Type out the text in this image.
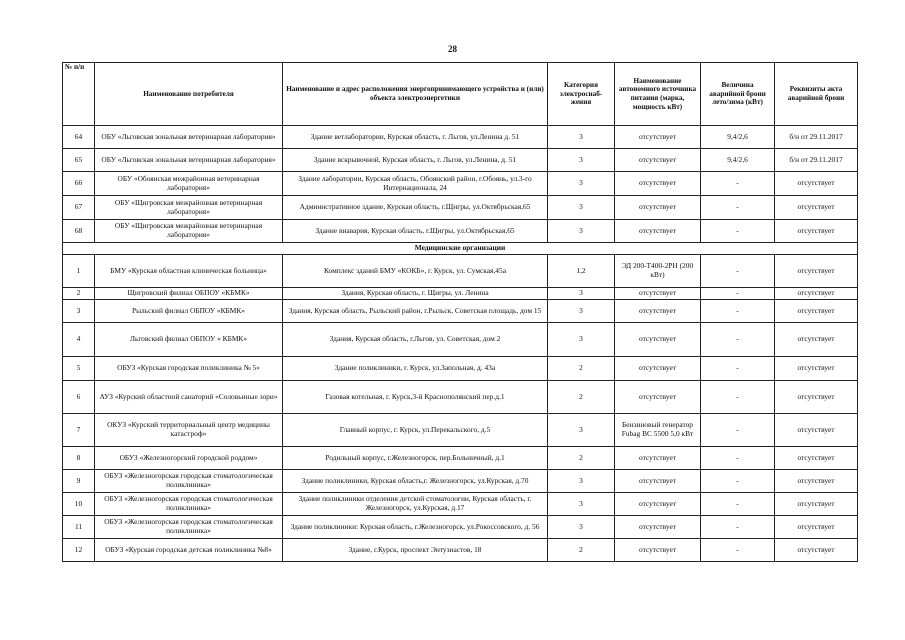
28
№ п/п	Наименование потребителя	Наименование и адрес расположения энергопринимающего устройства и (или) объекта электроэнергетики	Категория электроснаб-жения	Наименование автономного источника питания (марка, мощность кВт)	Величина аварийной брони лето/зима (кВт)	Реквизиты акта аварийной брони
64	ОБУ «Льговская зональная ветеринарная лаборатория»	Здание ветлаборатории, Курская область, г. Льгов, ул.Ленина д. 51	3	отсутствует	9,4/2,6	б/н от 29.11.2017
65	ОБУ «Льговская зональная ветеринарная лаборатория»	Здание вскрывочной, Курская область, г. Льгов, ул.Ленина, д. 51	3	отсутствует	9,4/2,6	б/н от 29.11.2017
66	ОБУ «Обоянская межрайонная ветеринарная лаборатория»	Здание лаборатории, Курская область, Обоянский район, г.Обоянь, ул.3-го Интернационала, 24	3	отсутствует	-	отсутствует
67	ОБУ «Щигровская межрайонная ветеринарная лаборатория»	Административное здание, Курская область, г.Щигры, ул.Октябрьская,65	3	отсутствует	-	отсутствует
68	ОБУ «Щигровская межрайонная ветеринарная лаборатория»	Здание виавария, Курская область, г.Щигры, ул.Октябрьская,65	3	отсутствует	-	отсутствует
Медицинские организации						
1	БМУ «Курская областная клиническая больница»	Комплекс зданий БМУ «КОКБ», г. Курск, ул. Сумская,45а	1,2	ЭД 200-Т400-2РН (200 кВт)	-	отсутствует
2	Щигровский филиал ОБПОУ «КБМК»	Здания, Курская область, г. Щигры, ул. Ленина	3	отсутствует	-	отсутствует
3	Рыльский филиал ОБПОУ «КБМК»	Здания, Курская область, Рыльский район, г.Рыльск, Советская площадь, дом 15	3	отсутствует	-	отсутствует
4	Льговский филиал ОБПОУ « КБМК»	Здания, Курская область, г.Льгов, ул. Советская, дом 2	3	отсутствует	-	отсутствует
5	ОБУЗ «Курская городская поликлиника № 5»	Здание поликлиники, г. Курск, ул.Запольная, д. 43а	2	отсутствует	-	отсутствует
6	АУЗ «Курский областной санаторий «Соловьиные зори»	Газовая котельная, г. Курск,3-й Краснополянский пер.д.1	2	отсутствует	-	отсутствует
7	ОКУЗ «Курский территориальный центр медицины катастроф»	Главный корпус, г. Курск, ул.Перекальского, д.5	3	Бензиновый генератор Fubag BC 5500 5,0 кВт	-	отсутствует
8	ОБУЗ «Железногорский городской роддом»	Родильный корпус, г.Железногорск, пер.Больничный, д.1	2	отсутствует	-	отсутствует
9	ОБУЗ «Железногорская городская стоматологическая поликлиника»	Здание поликлиники, Курская область,г. Железногорск, ул.Курская, д.70	3	отсутствует	-	отсутствует
10	ОБУЗ «Железногорская городская стоматологическая поликлиника»	Здание поликлиники отделения детской стоматологии, Курская область, г. Железногорск, ул.Курская, д.17	3	отсутствует	-	отсутствует
11	ОБУЗ «Железногорская городская стоматологическая поликлиника»	Здание поликлиники: Курская область, г.Железногорск, ул.Рокоссовского, д. 56	3	отсутствует	-	отсутствует
12	ОБУЗ «Курская городская детская поликлиника №8»	Здание, г.Курск, проспект Энтузиастов, 18	2	отсутствует	-	отсутствует
